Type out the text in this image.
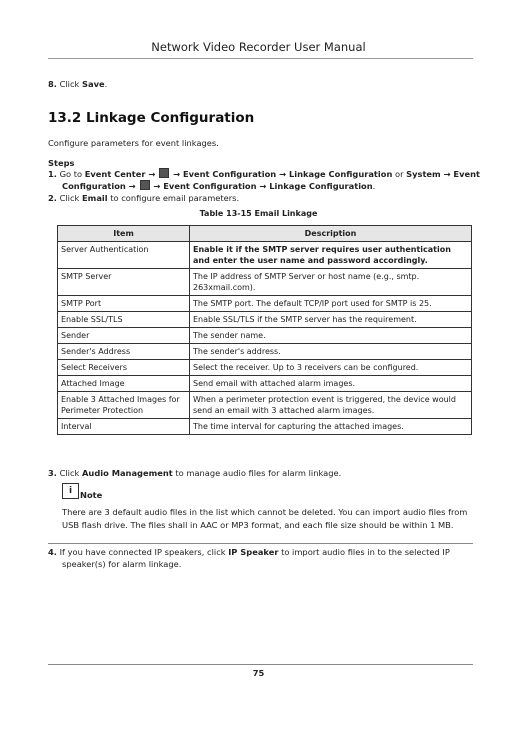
Network Video Recorder User Manual
8. Click Save.
13.2 Linkage Configuration
Configure parameters for event linkages.
Steps
1. Go to Event Center →  → Event Configuration → Linkage Configuration or System → Event
Configuration →  → Event Configuration → Linkage Configuration.
2. Click Email to configure email parameters.
Table 13-15 Email Linkage
Item	Description
Server Authentication	Enable it if the SMTP server requires user authentication and enter the user name and password accordingly.
SMTP Server	The IP address of SMTP Server or host name (e.g., smtp. 263xmail.com).
SMTP Port	The SMTP port. The default TCP/IP port used for SMTP is 25.
Enable SSL/TLS	Enable SSL/TLS if the SMTP server has the requirement.
Sender	The sender name.
Sender's Address	The sender's address.
Select Receivers	Select the receiver. Up to 3 receivers can be configured.
Attached Image	Send email with attached alarm images.
Enable 3 Attached Images for Perimeter Protection	When a perimeter protection event is triggered, the device would send an email with 3 attached alarm images.
Interval	The time interval for capturing the attached images.
3. Click Audio Management to manage audio files for alarm linkage.
i Note
There are 3 default audio files in the list which cannot be deleted. You can import audio files from USB flash drive. The files shall in AAC or MP3 format, and each file size should be within 1 MB.
4. If you have connected IP speakers, click IP Speaker to import audio files in to the selected IP
speaker(s) for alarm linkage.
75
